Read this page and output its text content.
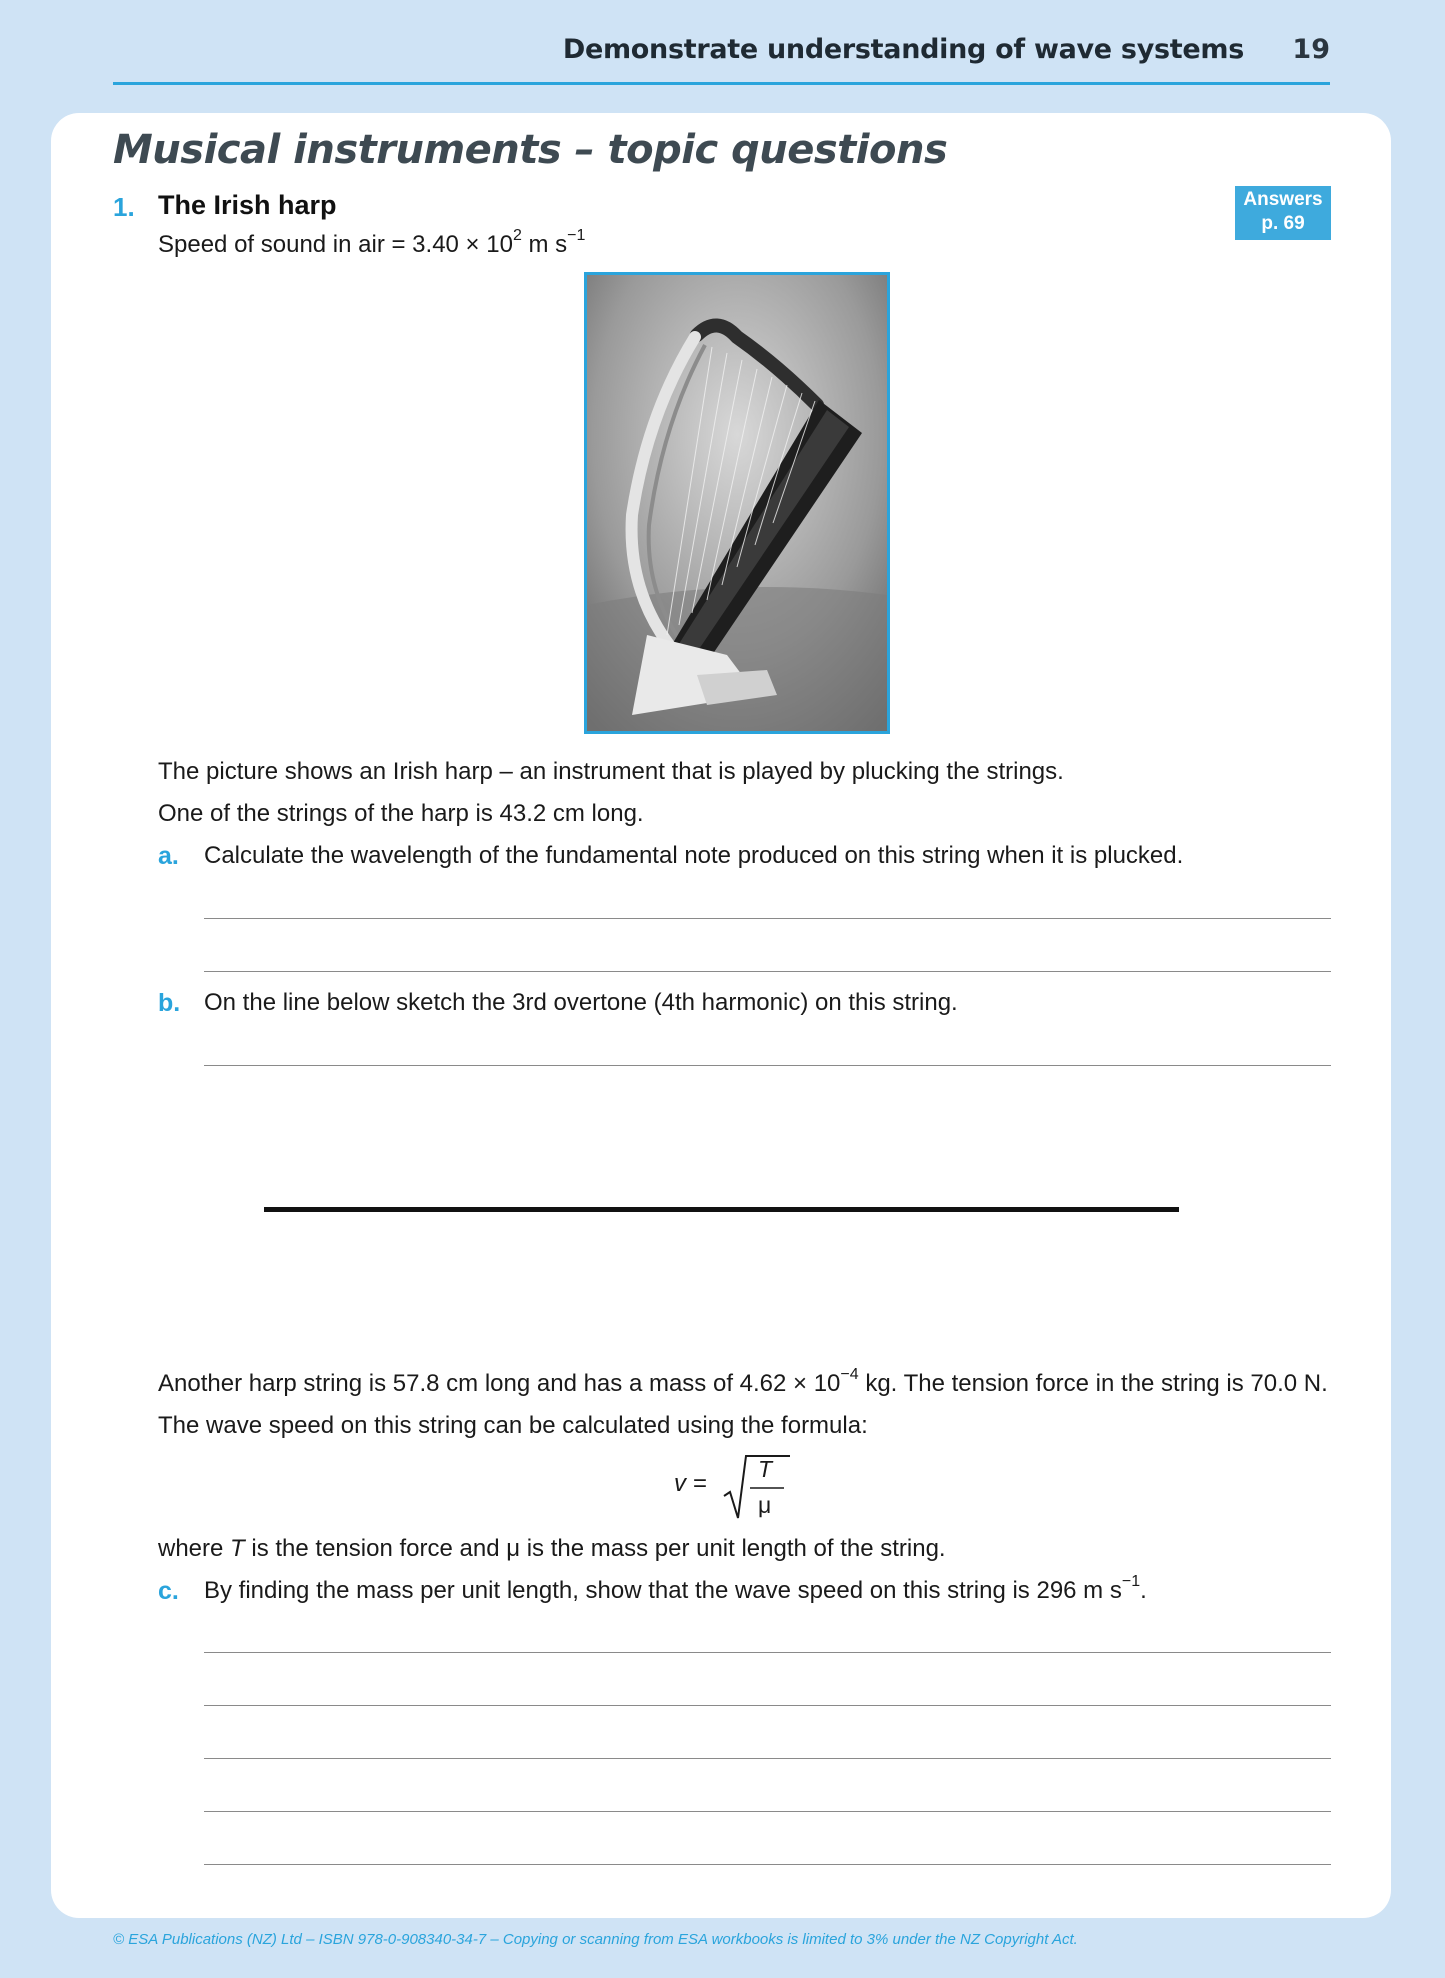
Demonstrate understanding of wave systems 19
Musical instruments – topic questions
Answers
p. 69
1. The Irish harp
Speed of sound in air = $3.40 \times 10^2$ m $s^{-1}$
The picture shows an Irish harp – an instrument that is played by plucking the strings.
One of the strings of the harp is 43.2 cm long.
a. Calculate the wavelength of the fundamental note produced on this string when it is plucked.
b. On the line below sketch the 3rd overtone (4th harmonic) on this string.
Another harp string is 57.8 cm long and has a mass of $4.62 \times 10^{-4}$ kg. The tension force in the string is 70.0 N.
The wave speed on this string can be calculated using the formula:
v =
T
μ
where T is the tension force and μ is the mass per unit length of the string.
c. By finding the mass per unit length, show that the wave speed on this string is 296 m $s^{-1}$.
© ESA Publications (NZ) Ltd – ISBN 978-0-908340-34-7 – Copying or scanning from ESA workbooks is limited to 3% under the NZ Copyright Act.
